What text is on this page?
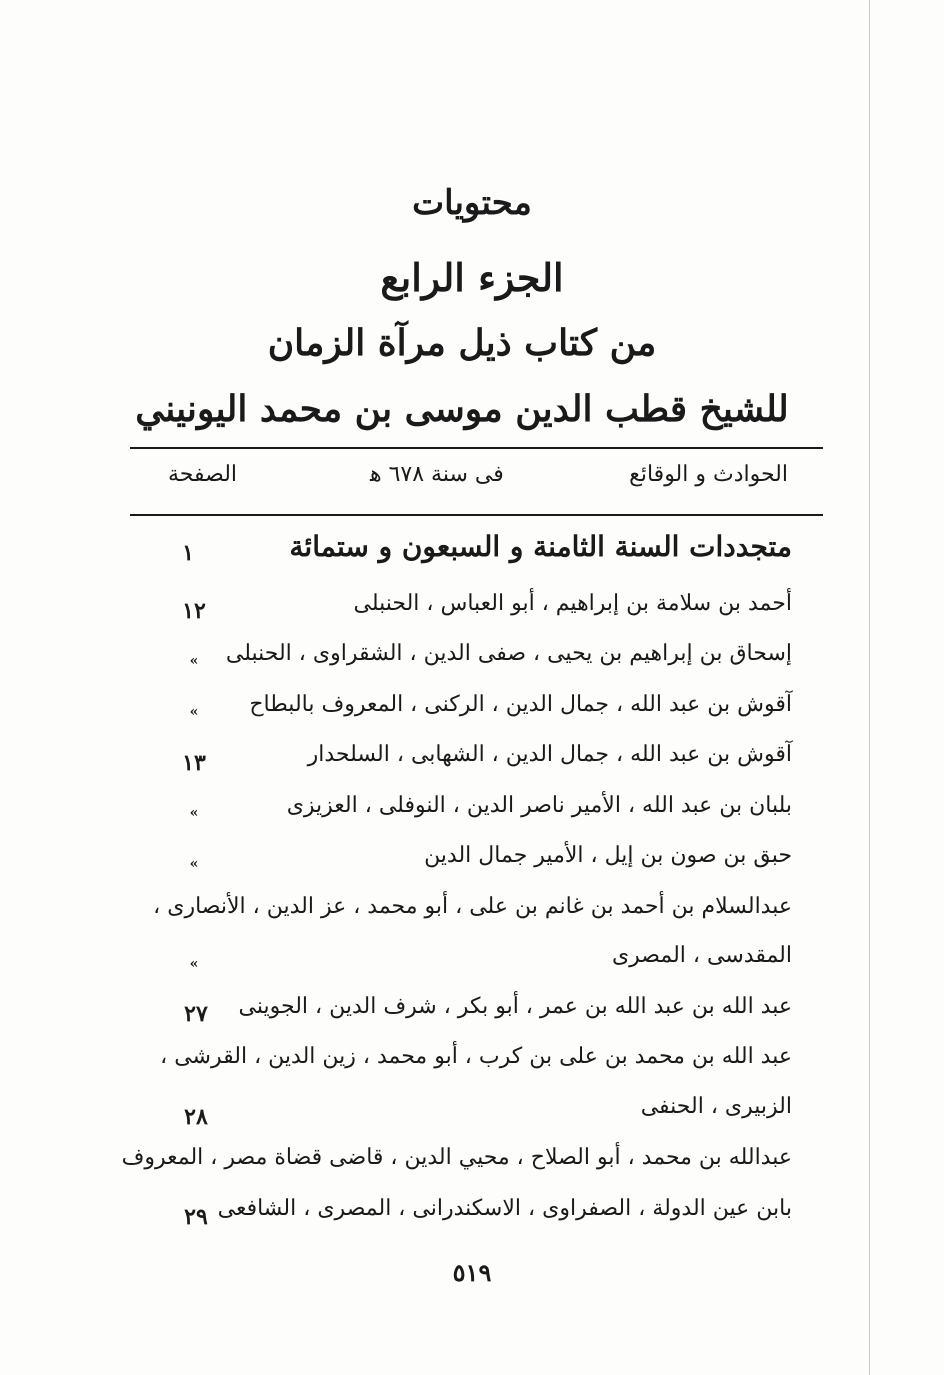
محتويات
الجزء الرابع
من كتاب ذيل مرآة الزمان
للشيخ قطب الدين موسى بن محمد اليونيني
الحوادث و الوقائع
فى سنة ٦٧٨ ﻫ
الصفحة
متجددات السنة الثامنة و السبعون و ستمائة
١
أحمد بن سلامة بن إبراهيم ، أبو العباس ، الحنبلى
١٢
إسحاق بن إبراهيم بن يحيى ، صفى الدين ، الشقراوى ، الحنبلى
»
آقوش بن عبد الله ، جمال الدين ، الركنى ، المعروف بالبطاح
»
آقوش بن عبد الله ، جمال الدين ، الشهابى ، السلحدار
١٣
بلبان بن عبد الله ، الأمير ناصر الدين ، النوفلى ، العزيزى
»
حبق بن صون بن إيل ، الأمير جمال الدين
»
عبدالسلام بن أحمد بن غانم بن على ، أبو محمد ، عز الدين ، الأنصارى ،
المقدسى ، المصرى
»
عبد الله بن عبد الله بن عمر ، أبو بكر ، شرف الدين ، الجوينى
٢٧
عبد الله بن محمد بن على بن كرب ، أبو محمد ، زين الدين ، القرشى ،
الزبيرى ، الحنفى
٢٨
عبدالله بن محمد ، أبو الصلاح ، محيي الدين ، قاضى قضاة مصر ، المعروف
بابن عين الدولة ، الصفراوى ، الاسكندرانى ، المصرى ، الشافعى
٢٩
٥١٩
